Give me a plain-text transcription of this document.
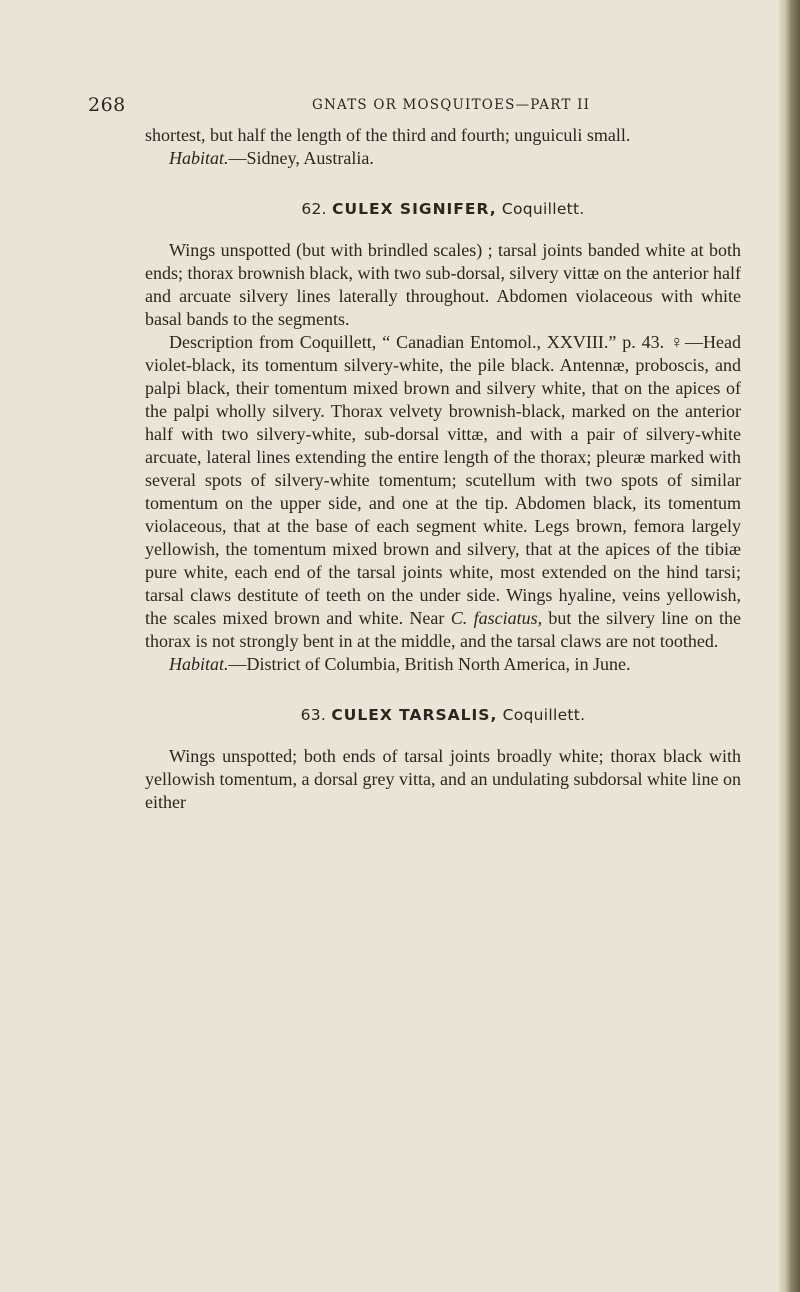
268	GNATS OR MOSQUITOES—PART II

shortest, but half the length of the third and fourth; unguiculi small.

Habitat.—Sidney, Australia.

62. CULEX SIGNIFER, Coquillett.

Wings unspotted (but with brindled scales) ; tarsal joints banded white at both ends; thorax brownish black, with two sub-dorsal, silvery vittæ on the anterior half and arcuate silvery lines laterally throughout. Abdomen violaceous with white basal bands to the segments.

Description from Coquillett, “ Canadian Entomol., XXVIII.” p. 43. ♀—Head violet-black, its tomentum silvery-white, the pile black. Antennæ, proboscis, and palpi black, their tomentum mixed brown and silvery white, that on the apices of the palpi wholly silvery. Thorax velvety brownish-black, marked on the anterior half with two silvery-white, sub-dorsal vittæ, and with a pair of silvery-white arcuate, lateral lines extending the entire length of the thorax; pleuræ marked with several spots of silvery-white tomentum; scutellum with two spots of similar tomentum on the upper side, and one at the tip. Abdomen black, its tomentum violaceous, that at the base of each segment white. Legs brown, femora largely yellowish, the tomentum mixed brown and silvery, that at the apices of the tibiæ pure white, each end of the tarsal joints white, most extended on the hind tarsi; tarsal claws destitute of teeth on the under side. Wings hyaline, veins yellowish, the scales mixed brown and white. Near C. fasciatus, but the silvery line on the thorax is not strongly bent in at the middle, and the tarsal claws are not toothed.

Habitat.—District of Columbia, British North America, in June.

63. CULEX TARSALIS, Coquillett.

Wings unspotted; both ends of tarsal joints broadly white; thorax black with yellowish tomentum, a dorsal grey vitta, and an undulating subdorsal white line on either
